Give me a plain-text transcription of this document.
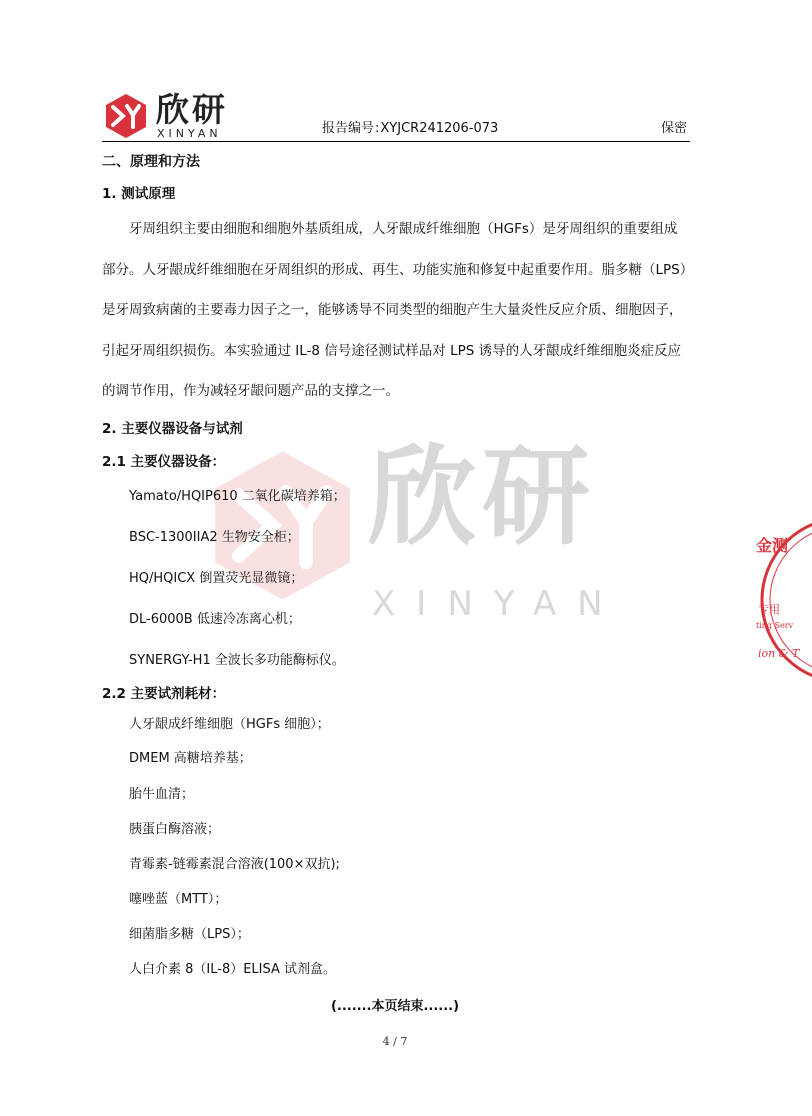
欣研
XINYAN	报告编号:XYJCR241206-073	保密
欣研
XINYAN
二、原理和方法
1. 测试原理
牙周组织主要由细胞和细胞外基质组成，人牙龈成纤维细胞（HGFs）是牙周组织的重要组成
部分。人牙龈成纤维细胞在牙周组织的形成、再生、功能实施和修复中起重要作用。脂多糖（LPS）
是牙周致病菌的主要毒力因子之一，能够诱导不同类型的细胞产生大量炎性反应介质、细胞因子，
引起牙周组织损伤。本实验通过 IL-8 信号途径测试样品对 LPS 诱导的人牙龈成纤维细胞炎症反应
的调节作用，作为减轻牙龈问题产品的支撑之一。
2. 主要仪器设备与试剂
2.1 主要仪器设备：
Yamato/HQIP610 二氧化碳培养箱；
BSC-1300IIA2 生物安全柜；
HQ/HQICX 倒置荧光显微镜；
DL-6000B 低速冷冻离心机；
SYNERGY-H1 全波长多功能酶标仪。
2.2 主要试剂耗材：
人牙龈成纤维细胞（HGFs 细胞）；
DMEM 高糖培养基；
胎牛血清；
胰蛋白酶溶液；
青霉素-链霉素混合溶液(100×双抗);
噻唑蓝（MTT）；
细菌脂多糖（LPS）；
人白介素 8（IL-8）ELISA 试剂盒。
(.......本页结束......)
4 / 7
金测
专用
ting Serv
ion & T
